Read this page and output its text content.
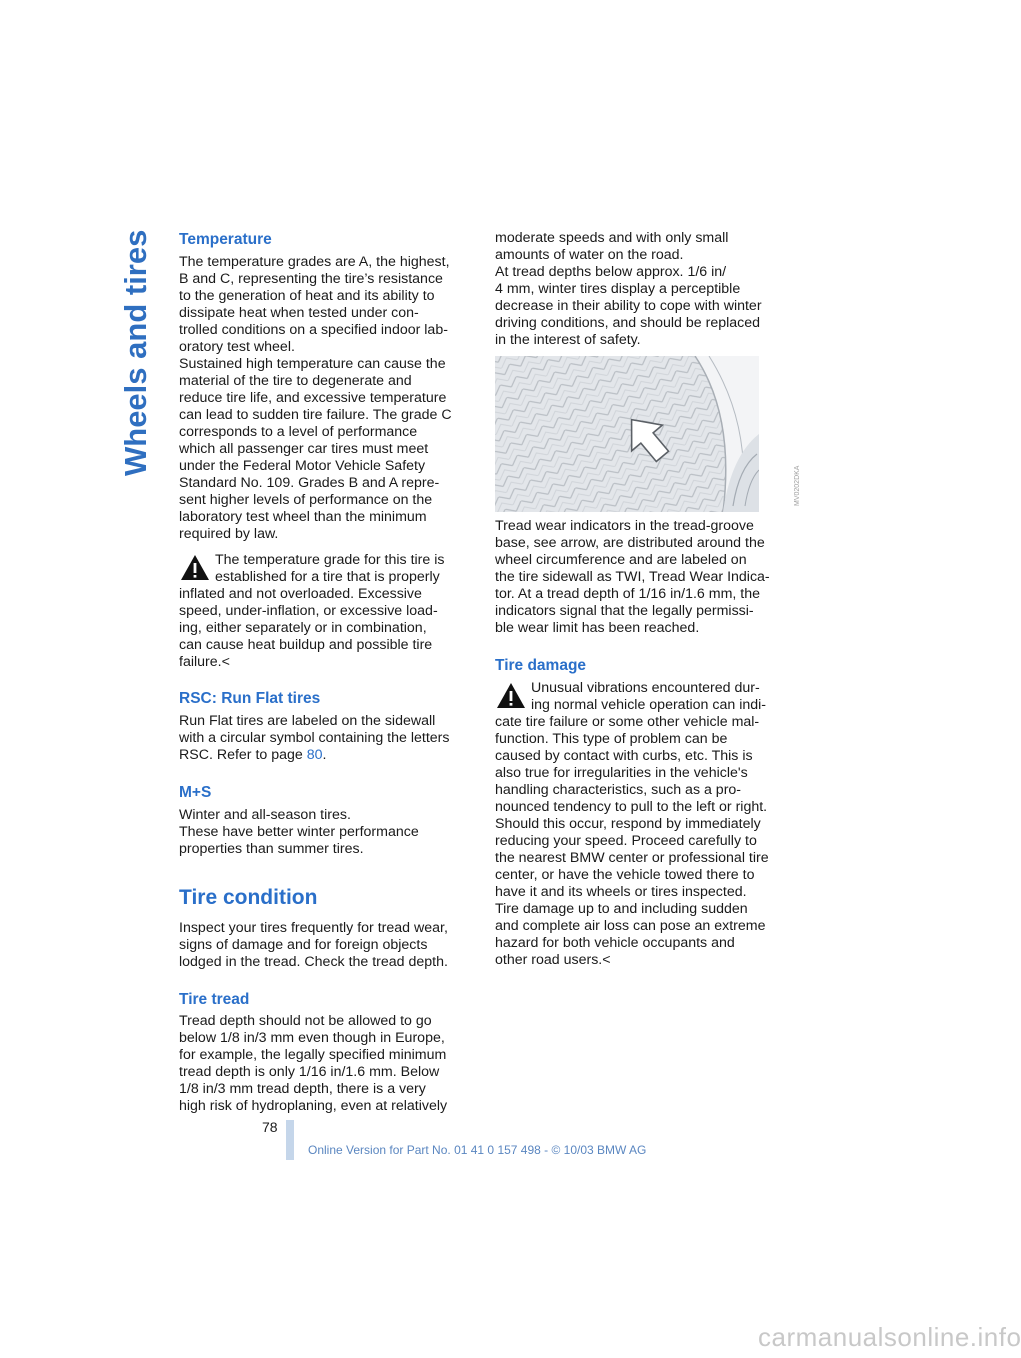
Wheels and tires Temperature

The temperature grades are A, the highest,
B and C, representing the tire’s resistance
to the generation of heat and its ability to
dissipate heat when tested under con-
trolled conditions on a specified indoor lab-
oratory test wheel.

Sustained high temperature can cause the
material of the tire to degenerate and
reduce tire life, and excessive temperature
can lead to sudden tire failure. The grade C
corresponds to a level of performance
which all passenger car tires must meet
under the Federal Motor Vehicle Safety
Standard No. 109. Grades B and A repre-
sent higher levels of performance on the
laboratory test wheel than the minimum
required by law.

The temperature grade for this tire is
established for a tire that is properly

inflated and not overloaded. Excessive
speed, under-inflation, or excessive load-
ing, either separately or in combination,
can cause heat buildup and possible tire
failure.<

RSC: Run Flat tires

Run Flat tires are labeled on the sidewall
with a circular symbol containing the letters
RSC. Refer to page 80.

M+S

Winter and all-season tires.
These have better winter performance
properties than summer tires.

Tire condition

Inspect your tires frequently for tread wear,
signs of damage and for foreign objects
lodged in the tread. Check the tread depth.

Tire tread

Tread depth should not be allowed to go
below 1/8 in/3 mm even though in Europe,
for example, the legally specified minimum
tread depth is only 1/16 in/1.6 mm. Below
1/8 in/3 mm tread depth, there is a very
high risk of hydroplaning, even at relatively

moderate speeds and with only small
amounts of water on the road.

At tread depths below approx. 1/6 in/
4 mm, winter tires display a perceptible
decrease in their ability to cope with winter
driving conditions, and should be replaced
in the interest of safety.

MV0202DKA

Tread wear indicators in the tread-groove
base, see arrow, are distributed around the
wheel circumference and are labeled on
the tire sidewall as TWI, Tread Wear Indica-
tor. At a tread depth of 1/16 in/1.6 mm, the
indicators signal that the legally permissi-
ble wear limit has been reached.

Tire damage

Unusual vibrations encountered dur-
ing normal vehicle operation can indi-

cate tire failure or some other vehicle mal-
function. This type of problem can be
caused by contact with curbs, etc. This is
also true for irregularities in the vehicle's
handling characteristics, such as a pro-
nounced tendency to pull to the left or right.
Should this occur, respond by immediately
reducing your speed. Proceed carefully to
the nearest BMW center or professional tire
center, or have the vehicle towed there to
have it and its wheels or tires inspected.
Tire damage up to and including sudden
and complete air loss can pose an extreme
hazard for both vehicle occupants and
other road users.<

78
Online Version for Part No. 01 41 0 157 498 - © 10/03 BMW AG
carmanualsonline.info
